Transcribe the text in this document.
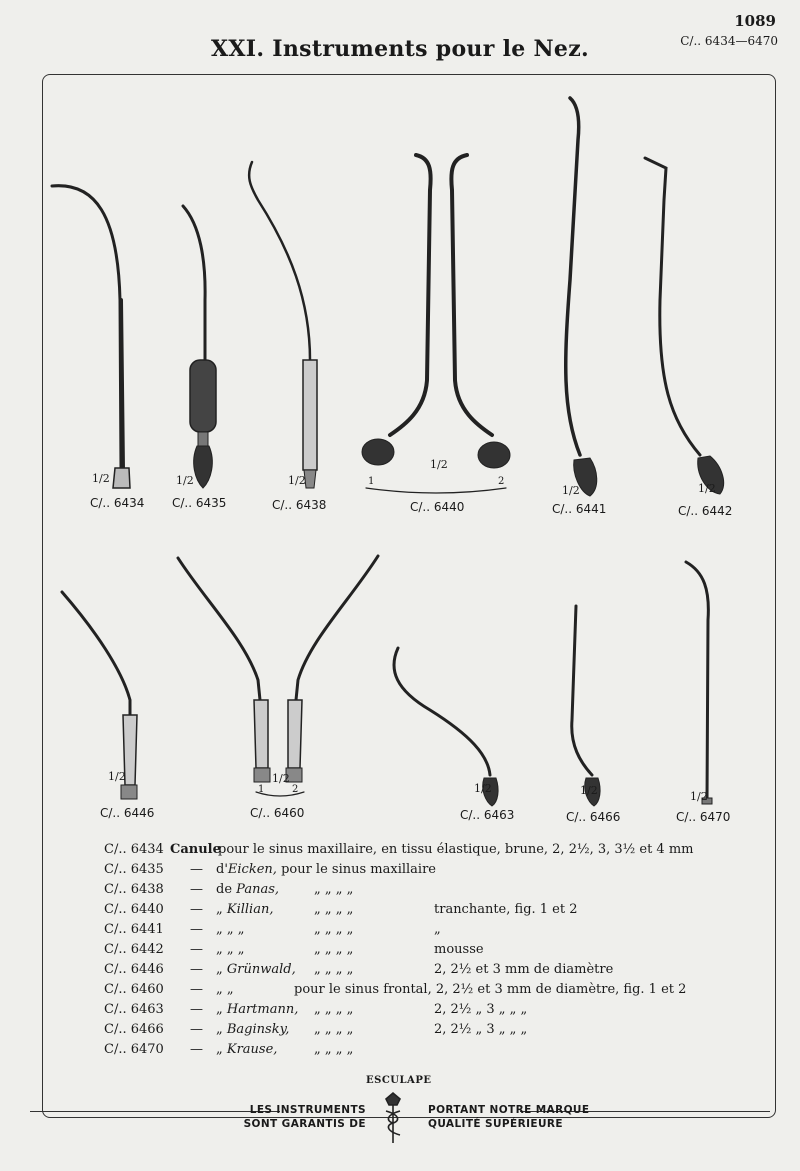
1089
C/.. 6434—6470
XXI. Instruments pour le Nez.
1/2
C/.. 6434
1/2
C/.. 6435
1/2
C/.. 6438
1/2
1	2
C/.. 6440
1/2
C/.. 6441
1/2
C/.. 6442
1/2
C/.. 6446
1/2
1	2
C/.. 6460
1/2
C/.. 6463
1/2
C/.. 6466
1/2
C/.. 6470
C/.. 6434 Canule
pour le sinus maxillaire, en tissu élastique, brune, 2, 2½, 3, 3½ et 4 mm
C/.. 6435 — d'Eicken, pour le sinus maxillaire
C/.. 6438 — de Panas,	„ „ „ „
C/.. 6440 — „ Killian,	„ „ „ „	tranchante, fig. 1 et 2
C/.. 6441 — „ „ „	„ „ „ „	„
C/.. 6442 — „ „ „	„ „ „ „	mousse
C/.. 6446 — „ Grünwald, „ „ „ „	2, 2½ et 3 mm de diamètre
C/.. 6460 — „ „	pour le sinus frontal, 2, 2½ et 3 mm de diamètre, fig. 1 et 2
C/.. 6463 — „ Hartmann, „ „ „ „	2, 2½ „ 3 „ „ „
C/.. 6466 — „ Baginsky, „ „ „ „	2, 2½ „ 3 „ „ „
C/.. 6470 — „ Krause,	„ „ „ „
ESCULAPE
LES INSTRUMENTS
SONT GARANTIS DE
PORTANT NOTRE MARQUE
QUALITÉ SUPÉRIEURE
